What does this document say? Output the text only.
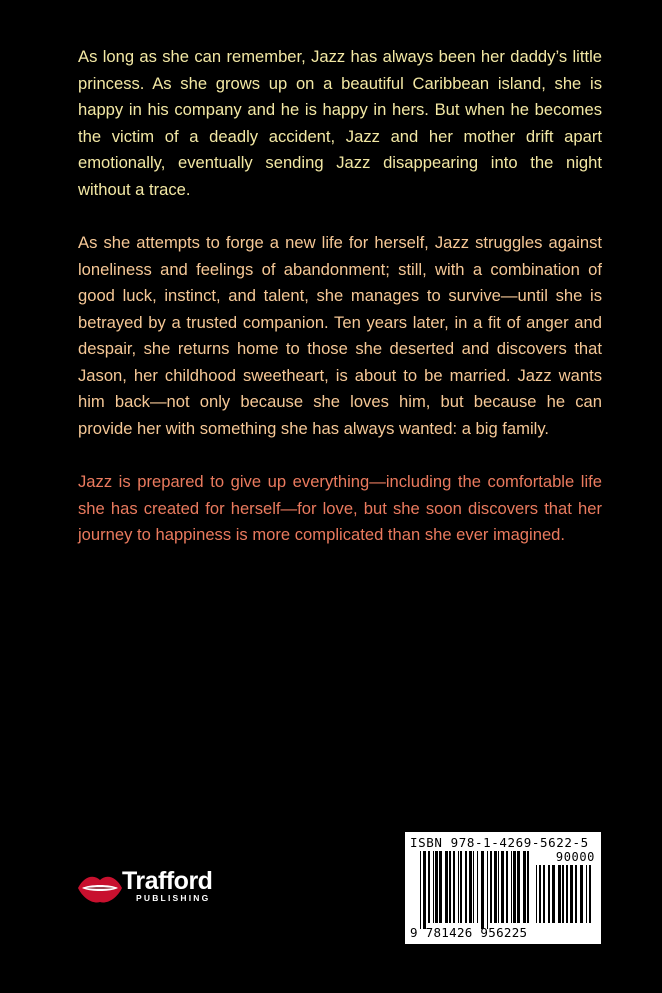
As long as she can remember, Jazz has always been her daddy’s little princess. As she grows up on a beautiful Caribbean island, she is happy in his company and he is happy in hers. But when he becomes the victim of a deadly accident, Jazz and her mother drift apart emotionally, eventually sending Jazz disappearing into the night without a trace.

As she attempts to forge a new life for herself, Jazz struggles against loneliness and feelings of abandonment; still, with a combination of good luck, instinct, and talent, she manages to survive—until she is betrayed by a trusted companion. Ten years later, in a fit of anger and despair, she returns home to those she deserted and discovers that Jason, her childhood sweetheart, is about to be married. Jazz wants him back—not only because she loves him, but because he can provide her with something she has always wanted: a big family.

Jazz is prepared to give up everything—including the comfortable life she has created for herself—for love, but she soon discovers that her journey to happiness is more complicated than she ever imagined.

Trafford
PUBLISHING
ISBN 978-1-4269-5622-5
90000
9 781426 956225
